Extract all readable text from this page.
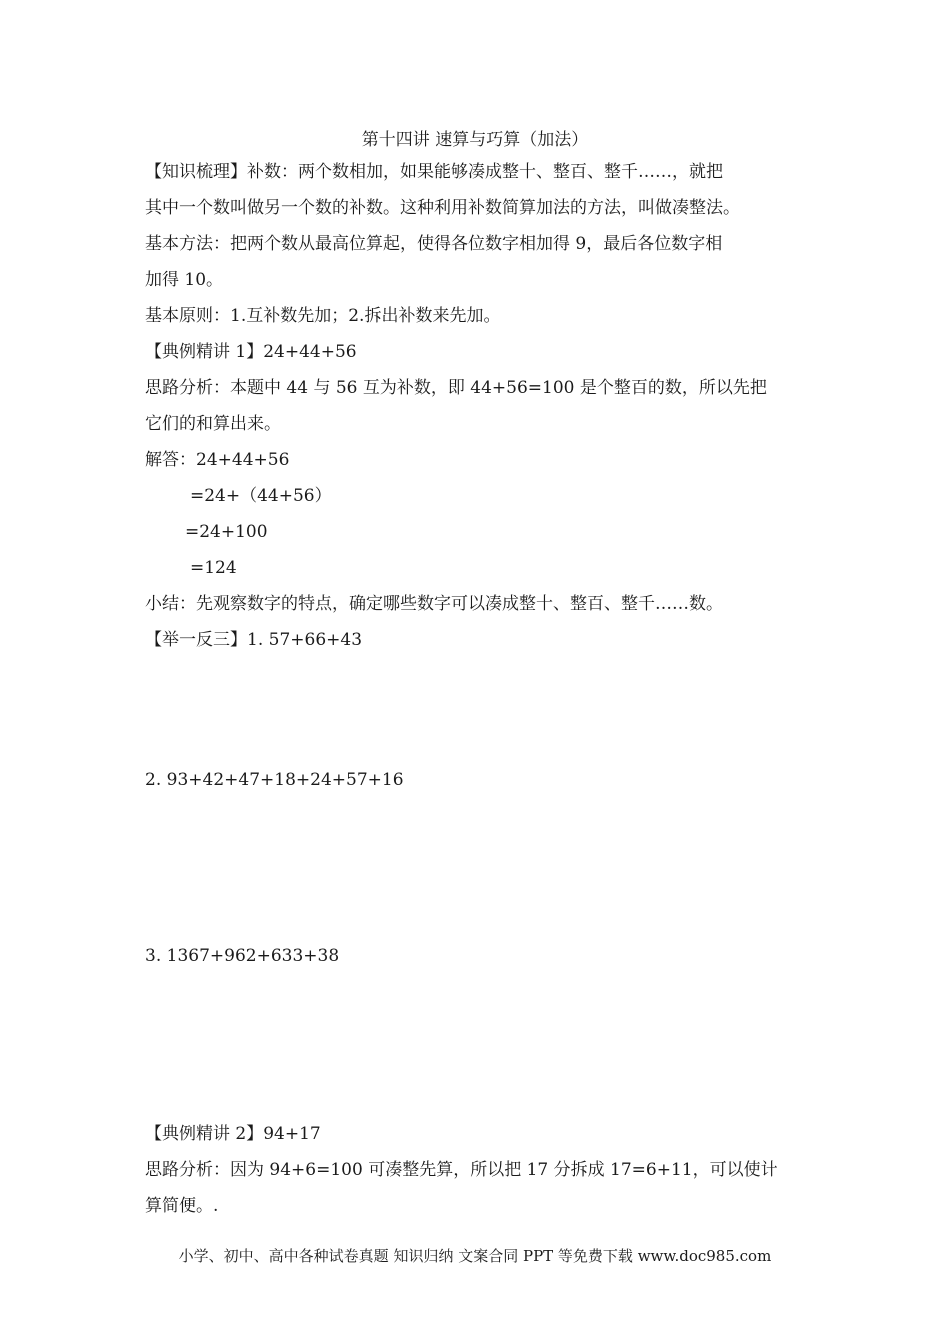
第十四讲 速算与巧算（加法）
【知识梳理】补数：两个数相加，如果能够凑成整十、整百、整千……，就把
其中一个数叫做另一个数的补数。这种利用补数简算加法的方法，叫做凑整法。
基本方法：把两个数从最高位算起，使得各位数字相加得 9，最后各位数字相
加得 10。
基本原则：1.互补数先加；2.拆出补数来先加。
【典例精讲 1】24+44+56
思路分析：本题中 44 与 56 互为补数，即 44+56=100 是个整百的数，所以先把
它们的和算出来。
解答：24+44+56
=24+（44+56）
=24+100
=124
小结：先观察数字的特点，确定哪些数字可以凑成整十、整百、整千……数。
【举一反三】1. 57+66+43
2. 93+42+47+18+24+57+16
3. 1367+962+633+38
【典例精讲 2】94+17
思路分析：因为 94+6=100 可凑整先算，所以把 17 分拆成 17=6+11，可以使计
算简便。.
小学、初中、高中各种试卷真题 知识归纳 文案合同 PPT 等免费下载 www.doc985.com
